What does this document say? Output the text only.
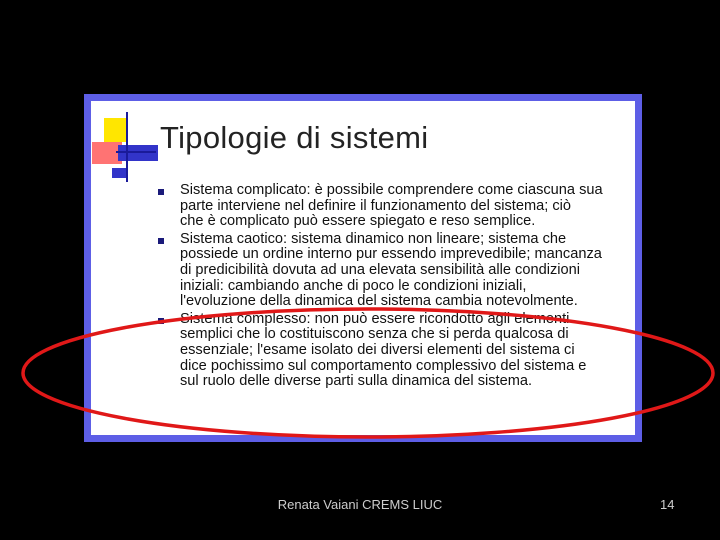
Tipologie di sistemi
Sistema complicato: è possibile comprendere come ciascuna sua
parte interviene nel definire il funzionamento del sistema; ciò
che è complicato può essere spiegato e reso semplice.
Sistema caotico: sistema dinamico non lineare; sistema che
possiede un ordine interno pur essendo imprevedibile; mancanza
di predicibilità dovuta ad una elevata sensibilità alle condizioni
iniziali: cambiando anche di poco le condizioni iniziali,
l'evoluzione della dinamica del sistema cambia notevolmente.
Sistema complesso: non può essere ricondotto agli elementi
semplici che lo costituiscono senza che si perda qualcosa di
essenziale; l'esame isolato dei diversi elementi del sistema ci
dice pochissimo sul comportamento complessivo del sistema e
sul ruolo delle diverse parti sulla dinamica del sistema.
Renata Vaiani CREMS LIUC	14
